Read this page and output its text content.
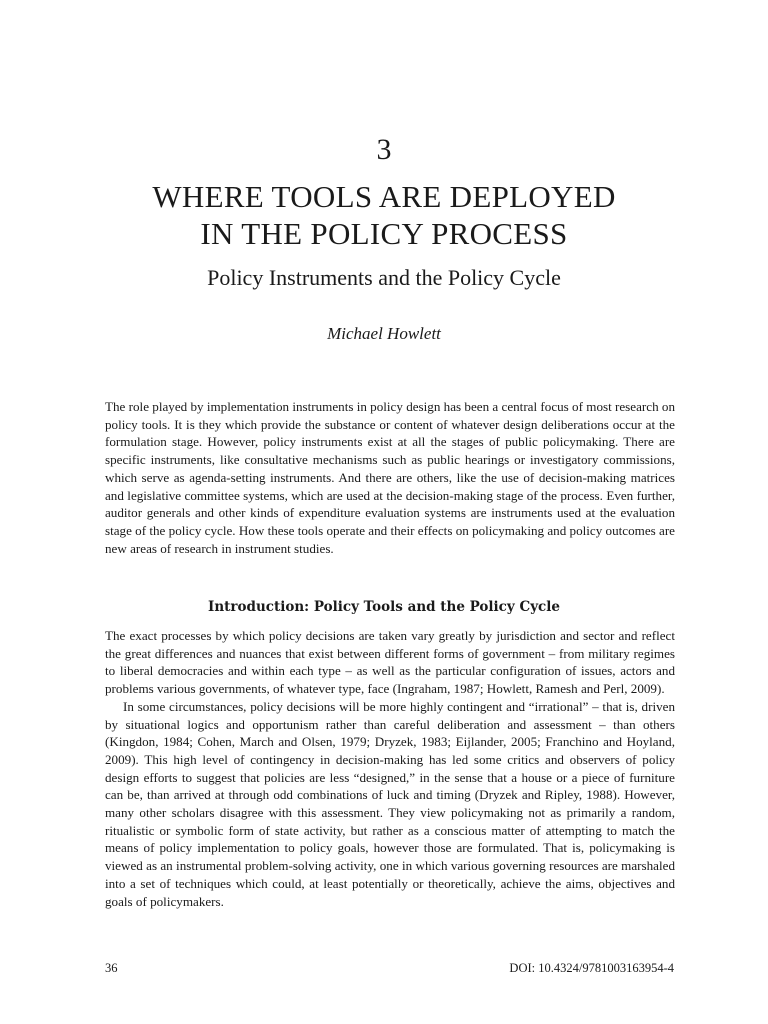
3
WHERE TOOLS ARE DEPLOYED
IN THE POLICY PROCESS
Policy Instruments and the Policy Cycle
Michael Howlett

The role played by implementation instruments in policy design has been a central focus of most research on policy tools. It is they which provide the substance or content of whatever design deliberations occur at the formulation stage. However, policy instruments exist at all the stages of public policymaking. There are specific instruments, like consultative mechanisms such as public hearings or investigatory commissions, which serve as agenda-setting instruments. And there are others, like the use of decision-making matrices and legislative committee systems, which are used at the decision-making stage of the process. Even further, auditor generals and other kinds of expenditure evaluation systems are instruments used at the evaluation stage of the policy cycle. How these tools operate and their effects on policymaking and policy outcomes are new areas of research in instrument studies.

Introduction: Policy Tools and the Policy Cycle

The exact processes by which policy decisions are taken vary greatly by jurisdiction and sector and reflect the great differences and nuances that exist between different forms of government – from military regimes to liberal democracies and within each type – as well as the particular configuration of issues, actors and problems various governments, of whatever type, face (Ingraham, 1987; Howlett, Ramesh and Perl, 2009).

In some circumstances, policy decisions will be more highly contingent and “irrational” – that is, driven by situational logics and opportunism rather than careful deliberation and assessment – than others (Kingdon, 1984; Cohen, March and Olsen, 1979; Dryzek, 1983; Eijlander, 2005; Franchino and Hoyland, 2009). This high level of contingency in decision-making has led some critics and observers of policy design efforts to suggest that policies are less “designed,” in the sense that a house or a piece of furniture can be, than arrived at through odd combinations of luck and timing (Dryzek and Ripley, 1988). However, many other scholars disagree with this assessment. They view policymaking not as primarily a random, ritualistic or symbolic form of state activity, but rather as a conscious matter of attempting to match the means of policy implementation to policy goals, however those are formulated. That is, policymaking is viewed as an instrumental problem-solving activity, one in which various governing resources are marshaled into a set of techniques which could, at least potentially or theoretically, achieve the aims, objectives and goals of policymakers.

36	DOI: 10.4324/9781003163954-4
